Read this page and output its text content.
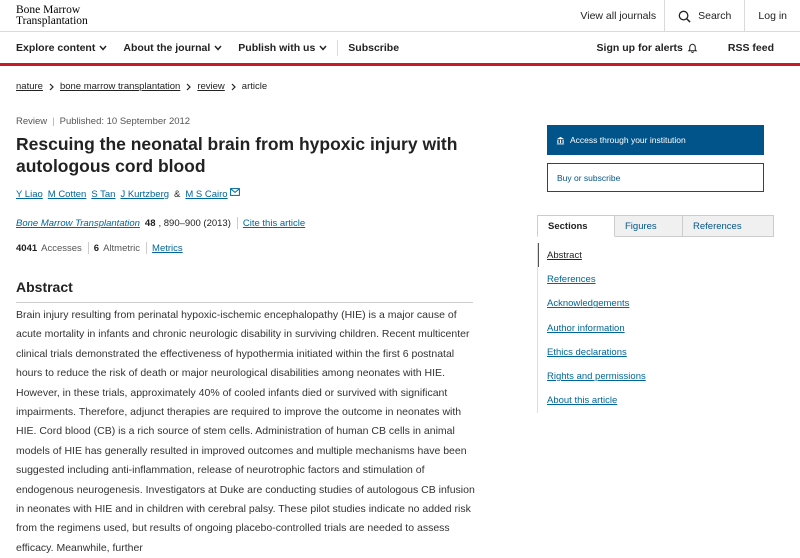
Bone Marrow
Transplantation	View all journals	Search	Log in
Explore content	About the journal	Publish with us	Subscribe	Sign up for alerts	RSS feed
nature bone marrow transplantation review article
Review | Published: 10 September 2012
Rescuing the neonatal brain from hypoxic injury with autologous cord blood
Y Liao M Cotten S Tan J Kurtzberg & M S Cairo
Bone Marrow Transplantation 48 , 890–900 (2013) Cite this article
4041 Accesses 6 Altmetric Metrics
Abstract

Brain injury resulting from perinatal hypoxic-ischemic encephalopathy (HIE) is a major cause of acute mortality in infants and chronic neurologic disability in surviving children. Recent multicenter clinical trials demonstrated the effectiveness of hypothermia initiated within the first 6 postnatal hours to reduce the risk of death or major neurological disabilities among neonates with HIE. However, in these trials, approximately 40% of cooled infants died or survived with significant impairments. Therefore, adjunct therapies are required to improve the outcome in neonates with HIE. Cord blood (CB) is a rich source of stem cells. Administration of human CB cells in animal models of HIE has generally resulted in improved outcomes and multiple mechanisms have been suggested including anti-inflammation, release of neurotrophic factors and stimulation of endogenous neurogenesis. Investigators at Duke are conducting studies of autologous CB infusion in neonates with HIE and in children with cerebral palsy. These pilot studies indicate no added risk from the regimens used, but results of ongoing placebo-controlled trials are needed to assess efficacy. Meanwhile, further

Access through your institution
Buy or subscribe
Sections	Figures	References
Abstract
References
Acknowledgements
Author information
Ethics declarations
Rights and permissions
About this article
